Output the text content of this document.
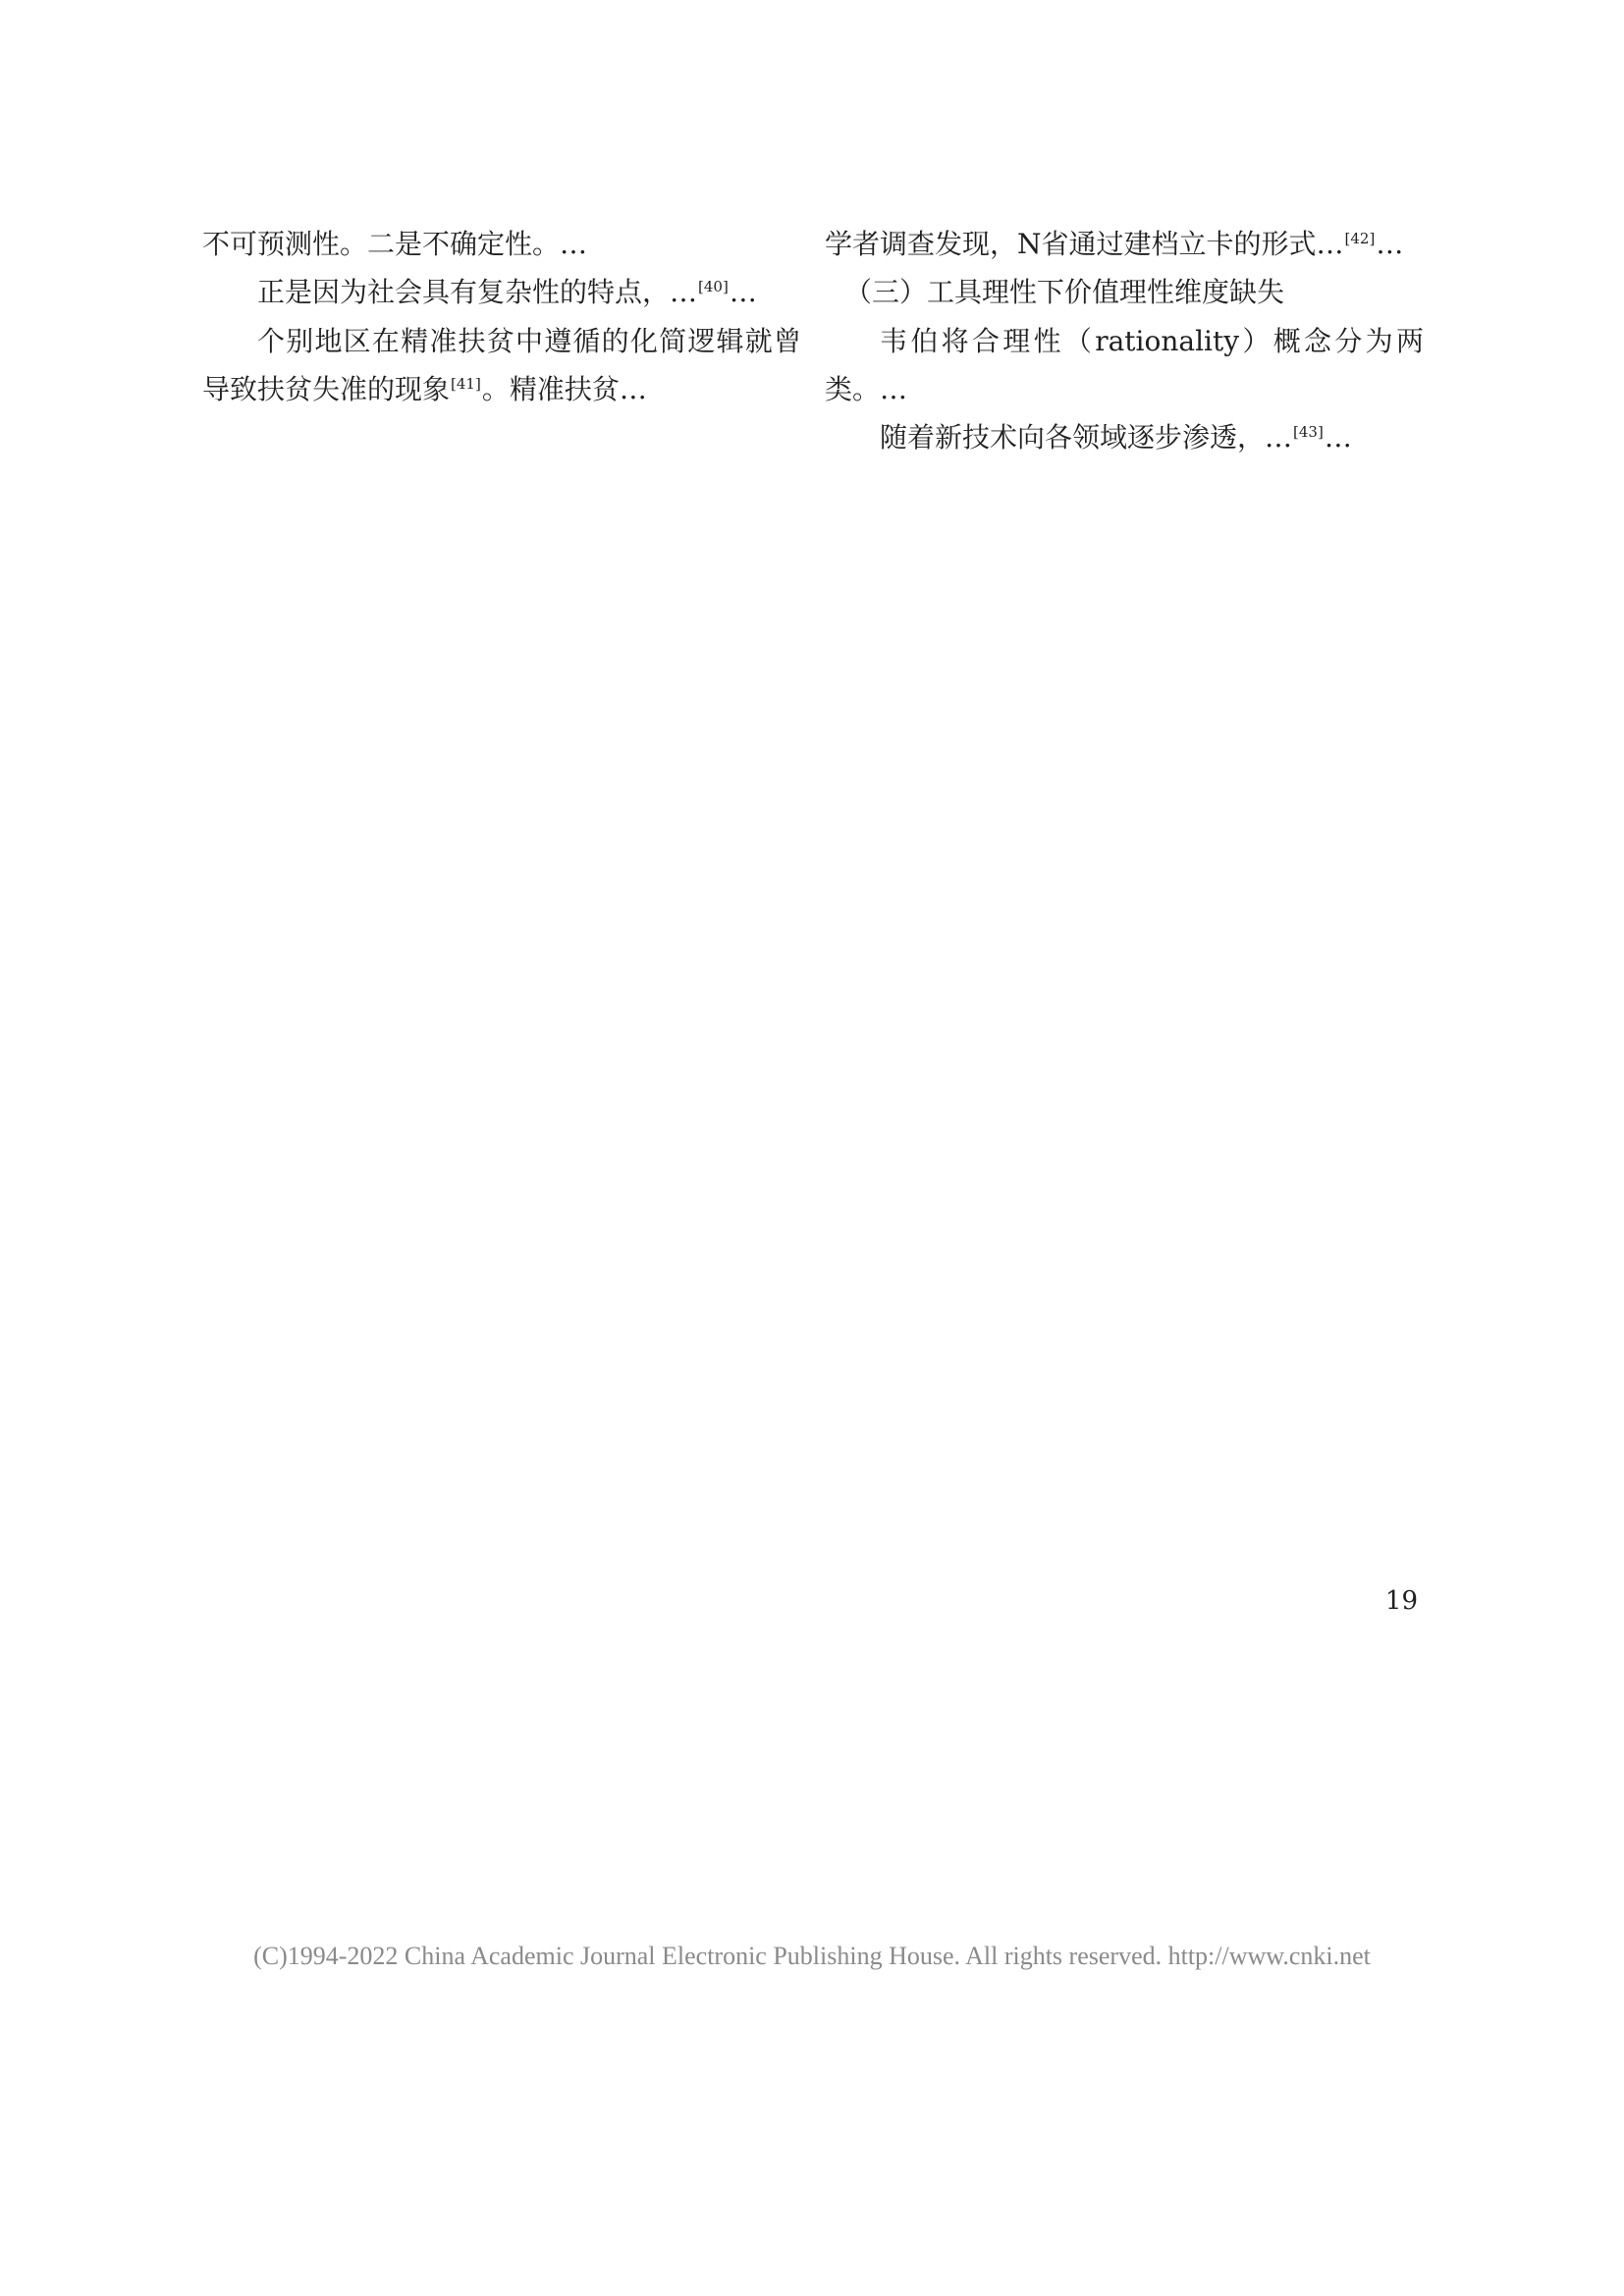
不可预测性。二是不确定性。…

正是因为社会具有复杂性的特点，…[40]…

个别地区在精准扶贫中遵循的化简逻辑就曾导致扶贫失准的现象[41]。精准扶贫…

学者调查发现，N省通过建档立卡的形式…[42]…

（三）工具理性下价值理性维度缺失

韦伯将合理性（rationality）概念分为两类。…

随着新技术向各领域逐步渗透，…[43]…

19
(C)1994-2022 China Academic Journal Electronic Publishing House. All rights reserved. http://www.cnki.net
